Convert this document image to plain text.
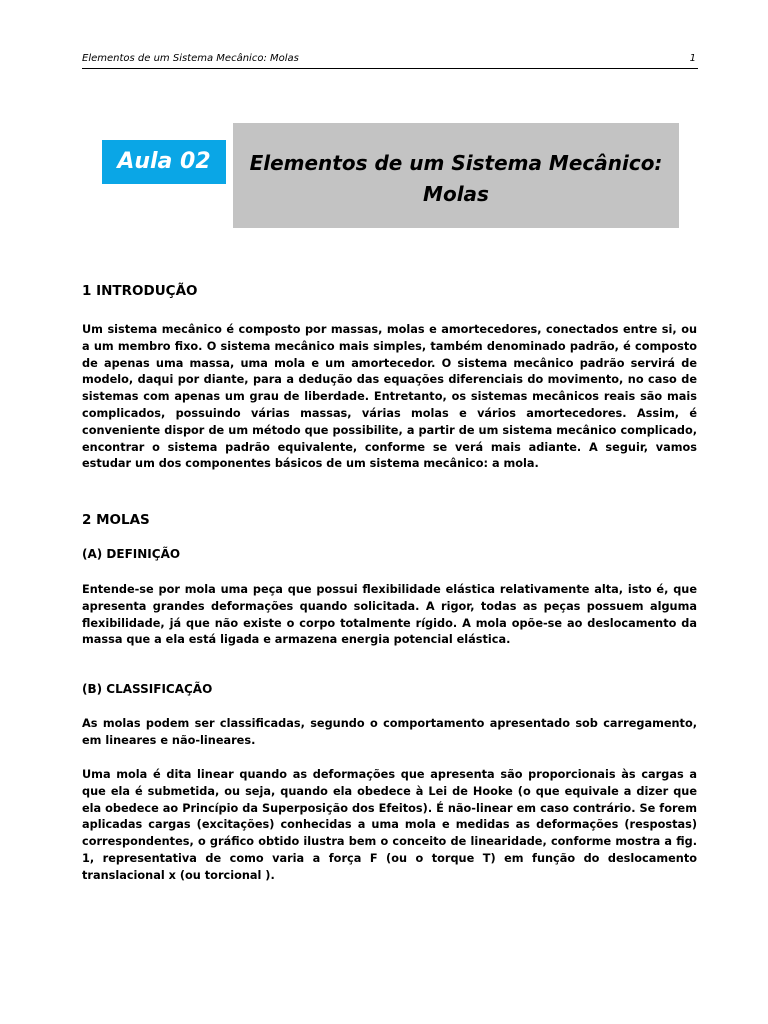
Elementos de um Sistema Mecânico: Molas	1
Elementos de um Sistema Mecânico:
Molas
Aula 02
1 INTRODUÇÃO
Um sistema mecânico é composto por massas, molas e amortecedores, conectados entre si, ou a um membro fixo. O sistema mecânico mais simples, também denominado padrão, é composto de apenas uma massa, uma mola e um amortecedor. O sistema mecânico padrão servirá de modelo, daqui por diante, para a dedução das equações diferenciais do movimento, no caso de sistemas com apenas um grau de liberdade. Entretanto, os sistemas mecânicos reais são mais complicados, possuindo várias massas, várias molas e vários amortecedores. Assim, é conveniente dispor de um método que possibilite, a partir de um sistema mecânico complicado, encontrar o sistema padrão equivalente, conforme se verá mais adiante. A seguir, vamos estudar um dos componentes básicos de um sistema mecânico: a mola.
2 MOLAS
(A) DEFINIÇÃO
Entende-se por mola uma peça que possui flexibilidade elástica relativamente alta, isto é, que apresenta grandes deformações quando solicitada. A rigor, todas as peças possuem alguma flexibilidade, já que não existe o corpo totalmente rígido. A mola opõe-se ao deslocamento da massa que a ela está ligada e armazena energia potencial elástica.
(B) CLASSIFICAÇÃO
As molas podem ser classificadas, segundo o comportamento apresentado sob carregamento, em lineares e não-lineares.
Uma mola é dita linear quando as deformações que apresenta são proporcionais às cargas a que ela é submetida, ou seja, quando ela obedece à Lei de Hooke (o que equivale a dizer que ela obedece ao Princípio da Superposição dos Efeitos). É não-linear em caso contrário. Se forem aplicadas cargas (excitações) conhecidas a uma mola e medidas as deformações (respostas) correspondentes, o gráfico obtido ilustra bem o conceito de linearidade, conforme mostra a fig. 1, representativa de como varia a força F (ou o torque T) em função do deslocamento translacional x (ou torcional ).
